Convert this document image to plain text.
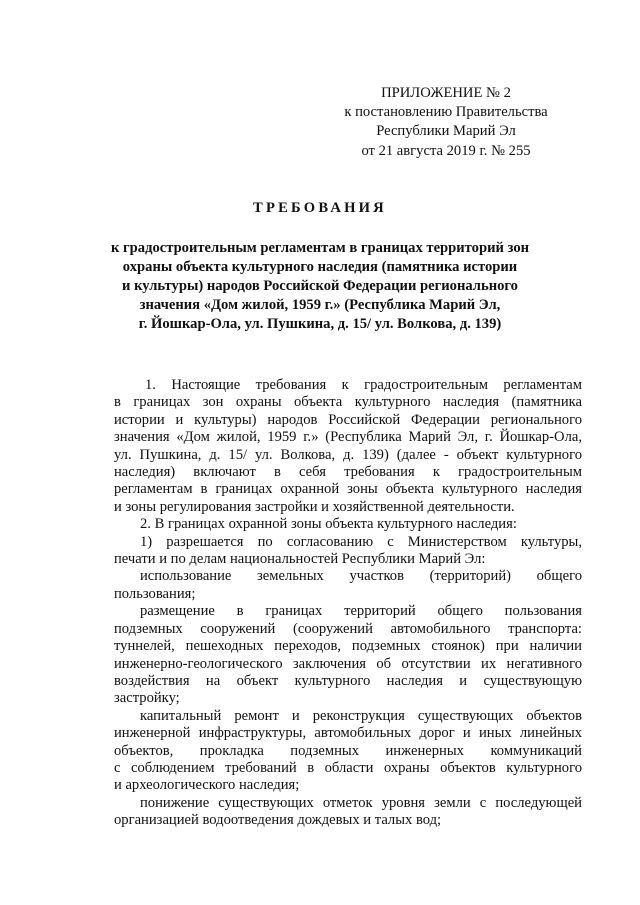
ПРИЛОЖЕНИЕ № 2
к постановлению Правительства
Республики Марий Эл
от 21 августа 2019 г. № 255
ТРЕБОВАНИЯ
к градостроительным регламентам в границах территорий зон
охраны объекта культурного наследия (памятника истории
и культуры) народов Российской Федерации регионального
значения «Дом жилой, 1959 г.» (Республика Марий Эл,
г. Йошкар-Ола, ул. Пушкина, д. 15/ ул. Волкова, д. 139)
1. Настоящие требования к градостроительным регламентам
в границах зон охраны объекта культурного наследия (памятника
истории и культуры) народов Российской Федерации регионального
значения «Дом жилой, 1959 г.» (Республика Марий Эл, г. Йошкар-Ола,
ул. Пушкина, д. 15/ ул. Волкова, д. 139) (далее - объект культурного
наследия) включают в себя требования к градостроительным
регламентам в границах охранной зоны объекта культурного наследия
и зоны регулирования застройки и хозяйственной деятельности.
2. В границах охранной зоны объекта культурного наследия:
1) разрешается по согласованию с Министерством культуры,
печати и по делам национальностей Республики Марий Эл:
использование земельных участков (территорий) общего
пользования;
размещение в границах территорий общего пользования
подземных сооружений (сооружений автомобильного транспорта:
туннелей, пешеходных переходов, подземных стоянок) при наличии
инженерно-геологического заключения об отсутствии их негативного
воздействия на объект культурного наследия и существующую
застройку;
капитальный ремонт и реконструкция существующих объектов
инженерной инфраструктуры, автомобильных дорог и иных линейных
объектов, прокладка подземных инженерных коммуникаций
с соблюдением требований в области охраны объектов культурного
и археологического наследия;
понижение существующих отметок уровня земли с последующей
организацией водоотведения дождевых и талых вод;
